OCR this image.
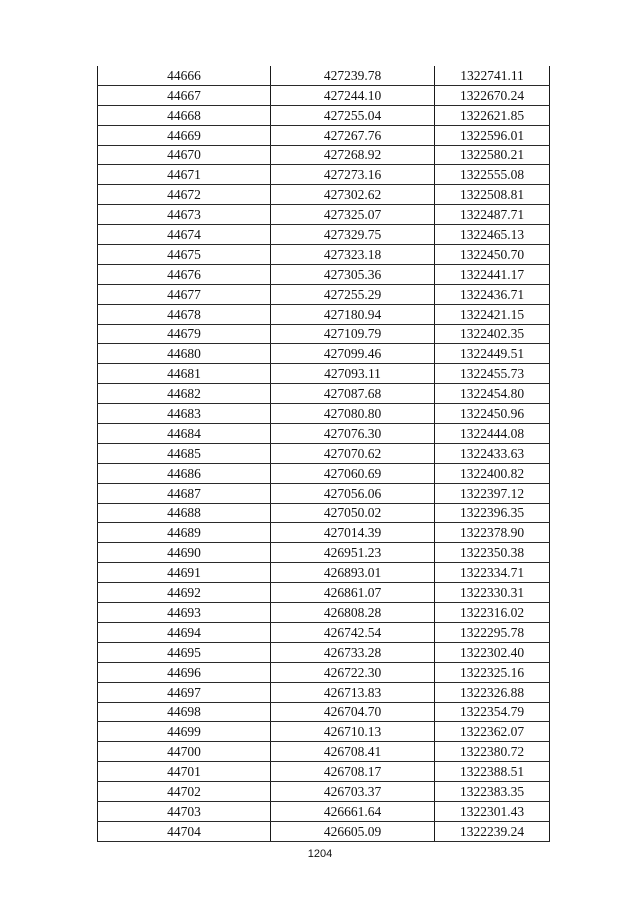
44666	427239.78	1322741.11
44667	427244.10	1322670.24
44668	427255.04	1322621.85
44669	427267.76	1322596.01
44670	427268.92	1322580.21
44671	427273.16	1322555.08
44672	427302.62	1322508.81
44673	427325.07	1322487.71
44674	427329.75	1322465.13
44675	427323.18	1322450.70
44676	427305.36	1322441.17
44677	427255.29	1322436.71
44678	427180.94	1322421.15
44679	427109.79	1322402.35
44680	427099.46	1322449.51
44681	427093.11	1322455.73
44682	427087.68	1322454.80
44683	427080.80	1322450.96
44684	427076.30	1322444.08
44685	427070.62	1322433.63
44686	427060.69	1322400.82
44687	427056.06	1322397.12
44688	427050.02	1322396.35
44689	427014.39	1322378.90
44690	426951.23	1322350.38
44691	426893.01	1322334.71
44692	426861.07	1322330.31
44693	426808.28	1322316.02
44694	426742.54	1322295.78
44695	426733.28	1322302.40
44696	426722.30	1322325.16
44697	426713.83	1322326.88
44698	426704.70	1322354.79
44699	426710.13	1322362.07
44700	426708.41	1322380.72
44701	426708.17	1322388.51
44702	426703.37	1322383.35
44703	426661.64	1322301.43
44704	426605.09	1322239.24
1204
